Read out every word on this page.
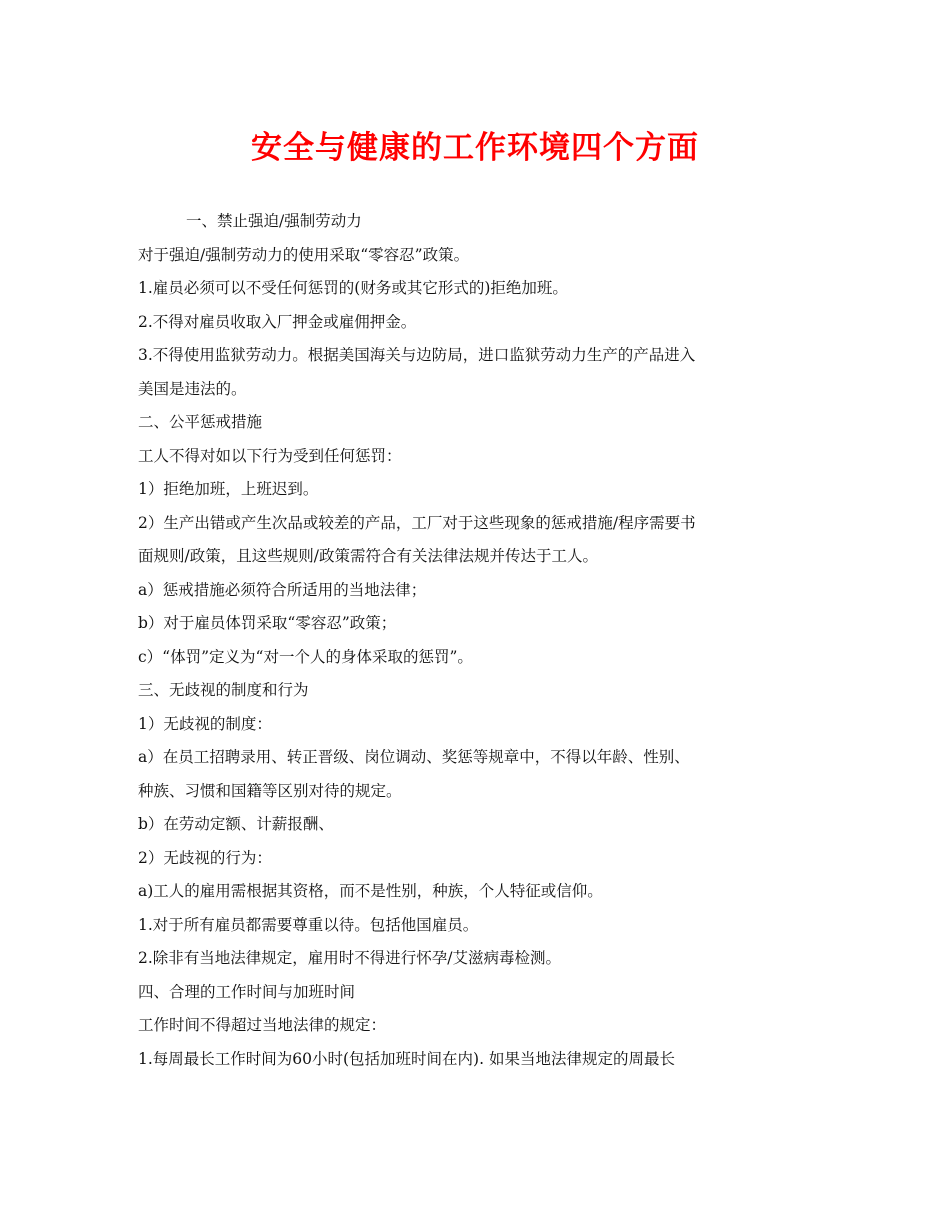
安全与健康的工作环境四个方面
一、禁止强迫/强制劳动力
对于强迫/强制劳动力的使用采取“零容忍”政策。
1.雇员必须可以不受任何惩罚的(财务或其它形式的)拒绝加班。
2.不得对雇员收取入厂押金或雇佣押金。
3.不得使用监狱劳动力。根据美国海关与边防局，进口监狱劳动力生产的产品进入
美国是违法的。
二、公平惩戒措施
工人不得对如以下行为受到任何惩罚：
1）拒绝加班，上班迟到。
2）生产出错或产生次品或较差的产品，工厂对于这些现象的惩戒措施/程序需要书
面规则/政策，且这些规则/政策需符合有关法律法规并传达于工人。
a）惩戒措施必须符合所适用的当地法律；
b）对于雇员体罚采取“零容忍”政策；
c）“体罚”定义为“对一个人的身体采取的惩罚”。
三、无歧视的制度和行为
1）无歧视的制度：
a）在员工招聘录用、转正晋级、岗位调动、奖惩等规章中，不得以年龄、性别、
种族、习惯和国籍等区别对待的规定。
b）在劳动定额、计薪报酬、
2）无歧视的行为：
a)工人的雇用需根据其资格，而不是性别，种族，个人特征或信仰。
1.对于所有雇员都需要尊重以待。包括他国雇员。
2.除非有当地法律规定，雇用时不得进行怀孕/艾滋病毒检测。
四、合理的工作时间与加班时间
工作时间不得超过当地法律的规定：
1.每周最长工作时间为60小时(包括加班时间在内). 如果当地法律规定的周最长
